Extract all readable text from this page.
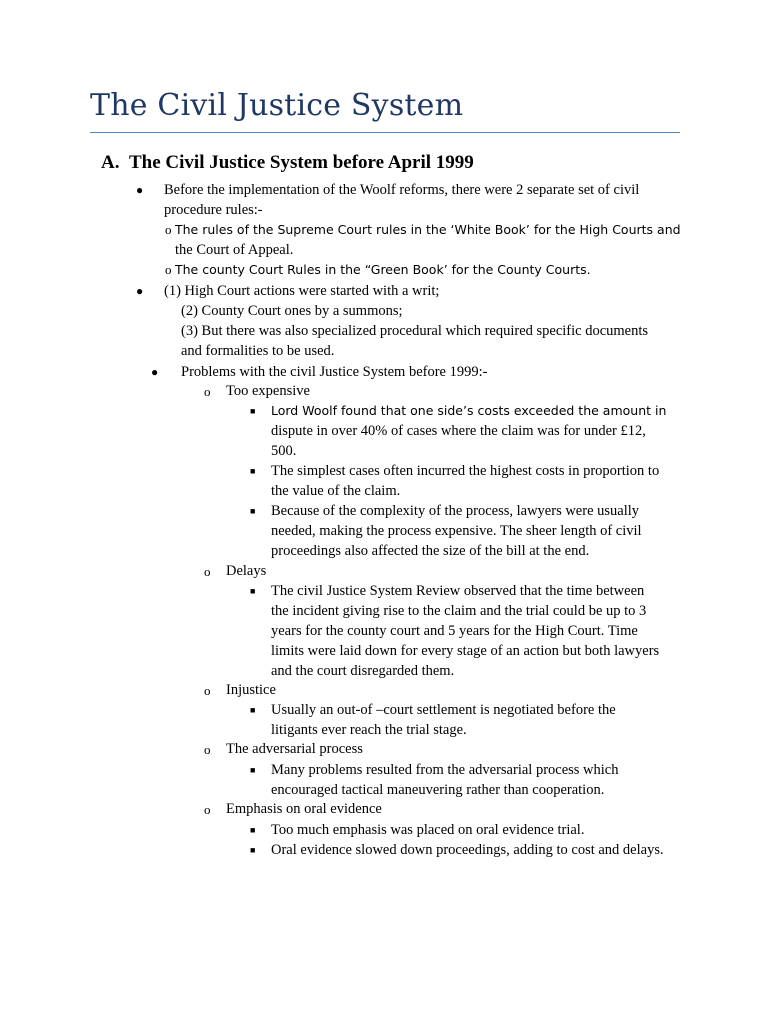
The Civil Justice System
A. The Civil Justice System before April 1999
● Before the implementation of the Woolf reforms, there were 2 separate set of civil
procedure rules:-
o The rules of the Supreme Court rules in the ‘White Book’ for the High Courts and
the Court of Appeal.
o The county Court Rules in the “Green Book’ for the County Courts.
● (1) High Court actions were started with a writ;
(2) County Court ones by a summons;
(3) But there was also specialized procedural which required specific documents
and formalities to be used.
● Problems with the civil Justice System before 1999:-
o Too expensive
■ Lord Woolf found that one side’s costs exceeded the amount in
dispute in over 40% of cases where the claim was for under £12,
500.
■ The simplest cases often incurred the highest costs in proportion to
the value of the claim.
■ Because of the complexity of the process, lawyers were usually
needed, making the process expensive. The sheer length of civil
proceedings also affected the size of the bill at the end.
o Delays
■ The civil Justice System Review observed that the time between
the incident giving rise to the claim and the trial could be up to 3
years for the county court and 5 years for the High Court. Time
limits were laid down for every stage of an action but both lawyers
and the court disregarded them.
o Injustice
■ Usually an out-of –court settlement is negotiated before the
litigants ever reach the trial stage.
o The adversarial process
■ Many problems resulted from the adversarial process which
encouraged tactical maneuvering rather than cooperation.
o Emphasis on oral evidence
■ Too much emphasis was placed on oral evidence trial.
■ Oral evidence slowed down proceedings, adding to cost and delays.
